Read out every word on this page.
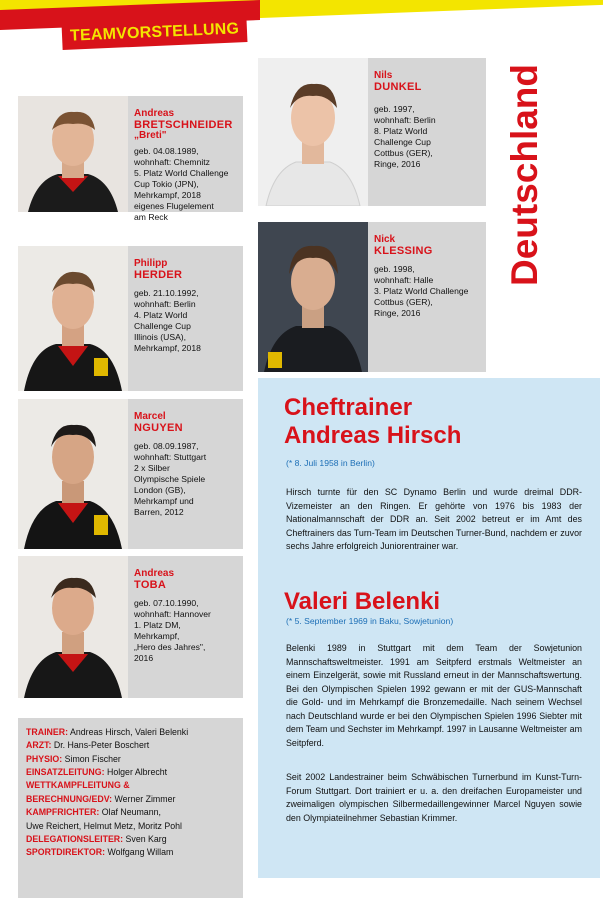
TEAMVORSTELLUNG
Andreas
BRETSCHNEIDER
„Breti"
geb. 04.08.1989,
wohnhaft: Chemnitz
5. Platz World Challenge
Cup Tokio (JPN),
Mehrkampf, 2018
eigenes Flugelement
am Reck
Philipp
HERDER
geb. 21.10.1992,
wohnhaft: Berlin
4. Platz World
Challenge Cup
Illinois (USA),
Mehrkampf, 2018
Marcel
NGUYEN
geb. 08.09.1987,
wohnhaft: Stuttgart
2 x Silber
Olympische Spiele
London (GB),
Mehrkampf und
Barren, 2012
Andreas
TOBA
geb. 07.10.1990,
wohnhaft: Hannover
1. Platz DM,
Mehrkampf,
„Hero des Jahres",
2016
TRAINER: Andreas Hirsch, Valeri Belenki
ARZT: Dr. Hans-Peter Boschert
PHYSIO: Simon Fischer
EINSATZLEITUNG: Holger Albrecht
WETTKAMPFLEITUNG &
BERECHNUNG/EDV: Werner Zimmer
KAMPFRICHTER: Olaf Neumann,
Uwe Reichert, Helmut Metz, Moritz Pohl
DELEGATIONSLEITER: Sven Karg
SPORTDIREKTOR: Wolfgang Willam
Nils
DUNKEL
geb. 1997,
wohnhaft: Berlin
8. Platz World
Challenge Cup
Cottbus (GER),
Ringe, 2016
Nick
KLESSING
geb. 1998,
wohnhaft: Halle
3. Platz World Challenge
Cottbus (GER),
Ringe, 2016
Deutschland
Cheftrainer
Andreas Hirsch
(* 8. Juli 1958 in Berlin)
Hirsch turnte für den SC Dynamo Berlin und wurde dreimal DDR-Vizemeister an den Ringen. Er gehörte von 1976 bis 1983 der Nationalmannschaft der DDR an. Seit 2002 betreut er im Amt des Cheftrainers das Turn-Team im Deutschen Turner-Bund, nachdem er zuvor sechs Jahre erfolgreich Juniorentrainer war.
Valeri Belenki
(* 5. September 1969 in Baku, Sowjetunion)
Belenki 1989 in Stuttgart mit dem Team der Sowjetunion Mannschaftsweltmeister. 1991 am Seitpferd erstmals Weltmeister an einem Einzelgerät, sowie mit Russland erneut in der Mannschaftswertung. Bei den Olympischen Spielen 1992 gewann er mit der GUS-Mannschaft die Gold- und im Mehrkampf die Bronzemedaille. Nach seinem Wechsel nach Deutschland wurde er bei den Olympischen Spielen 1996 Siebter mit dem Team und Sechster im Mehrkampf. 1997 in Lausanne Weltmeister am Seitpferd.
Seit 2002 Landestrainer beim Schwäbischen Turnerbund im Kunst-Turn-Forum Stuttgart. Dort trainiert er u. a. den dreifachen Europameister und zweimaligen olympischen Silbermedaillengewinner Marcel Nguyen sowie den Olympiateilnehmer Sebastian Krimmer.
